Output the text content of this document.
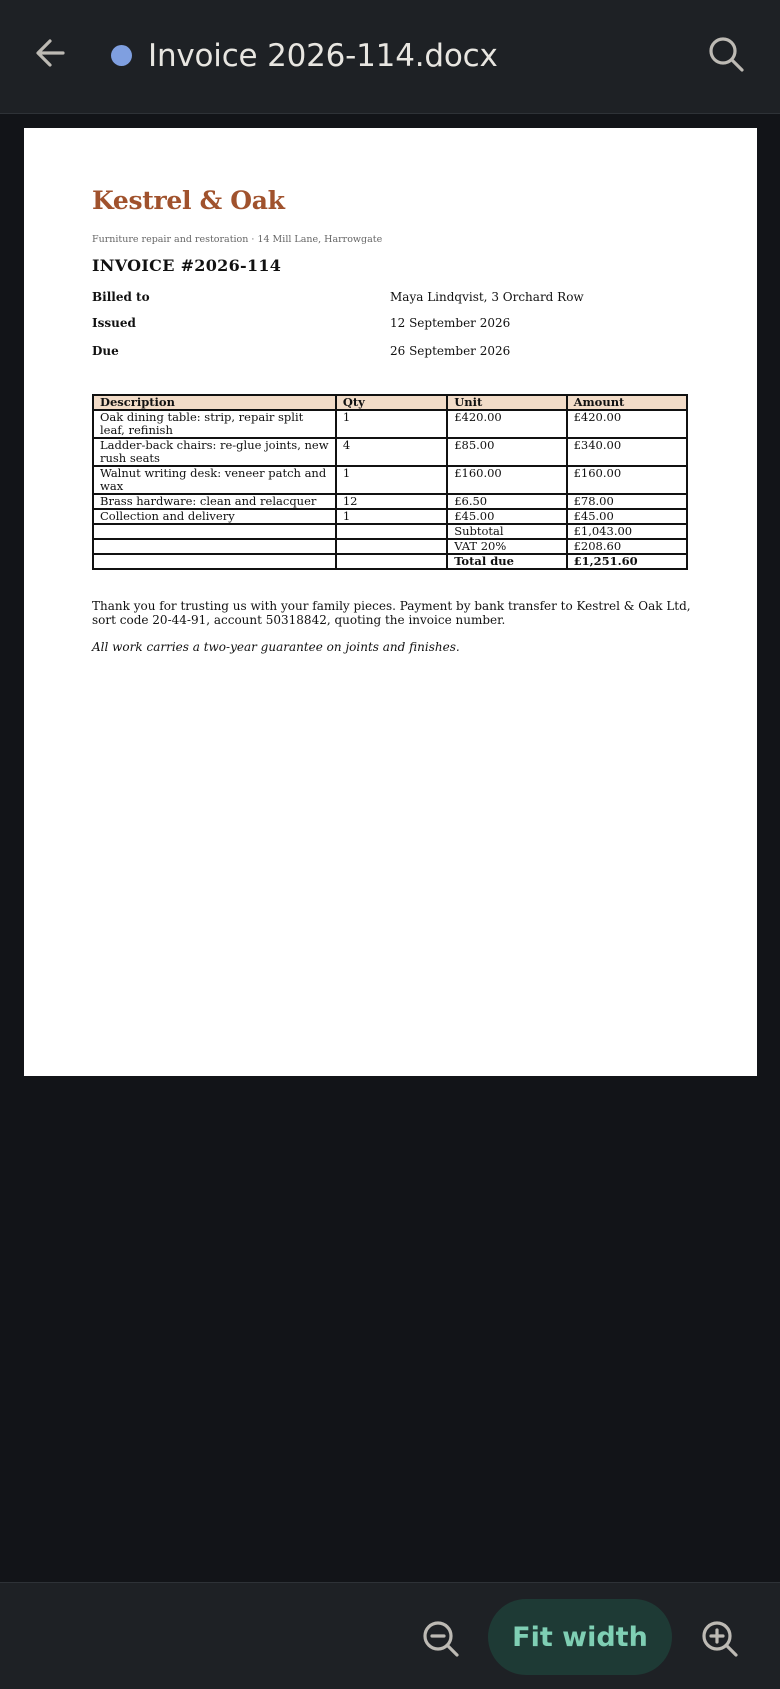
Invoice 2026-114.docx
Kestrel & Oak
Furniture repair and restoration · 14 Mill Lane, Harrowgate
INVOICE #2026-114
Billed to	Maya Lindqvist, 3 Orchard Row
Issued	12 September 2026
Due	26 September 2026
Description	Qty	Unit	Amount
Oak dining table: strip, repair split leaf, refinish	1	£420.00	£420.00
Ladder-back chairs: re-glue joints, new rush seats	4	£85.00	£340.00
Walnut writing desk: veneer patch and wax	1	£160.00	£160.00
Brass hardware: clean and relacquer	12	£6.50	£78.00
Collection and delivery	1	£45.00	£45.00
		Subtotal	£1,043.00
		VAT 20%	£208.60
		Total due	£1,251.60
Thank you for trusting us with your family pieces. Payment by bank transfer to Kestrel & Oak Ltd, sort code 20-44-91, account 50318842, quoting the invoice number.
All work carries a two-year guarantee on joints and finishes.
Fit width
